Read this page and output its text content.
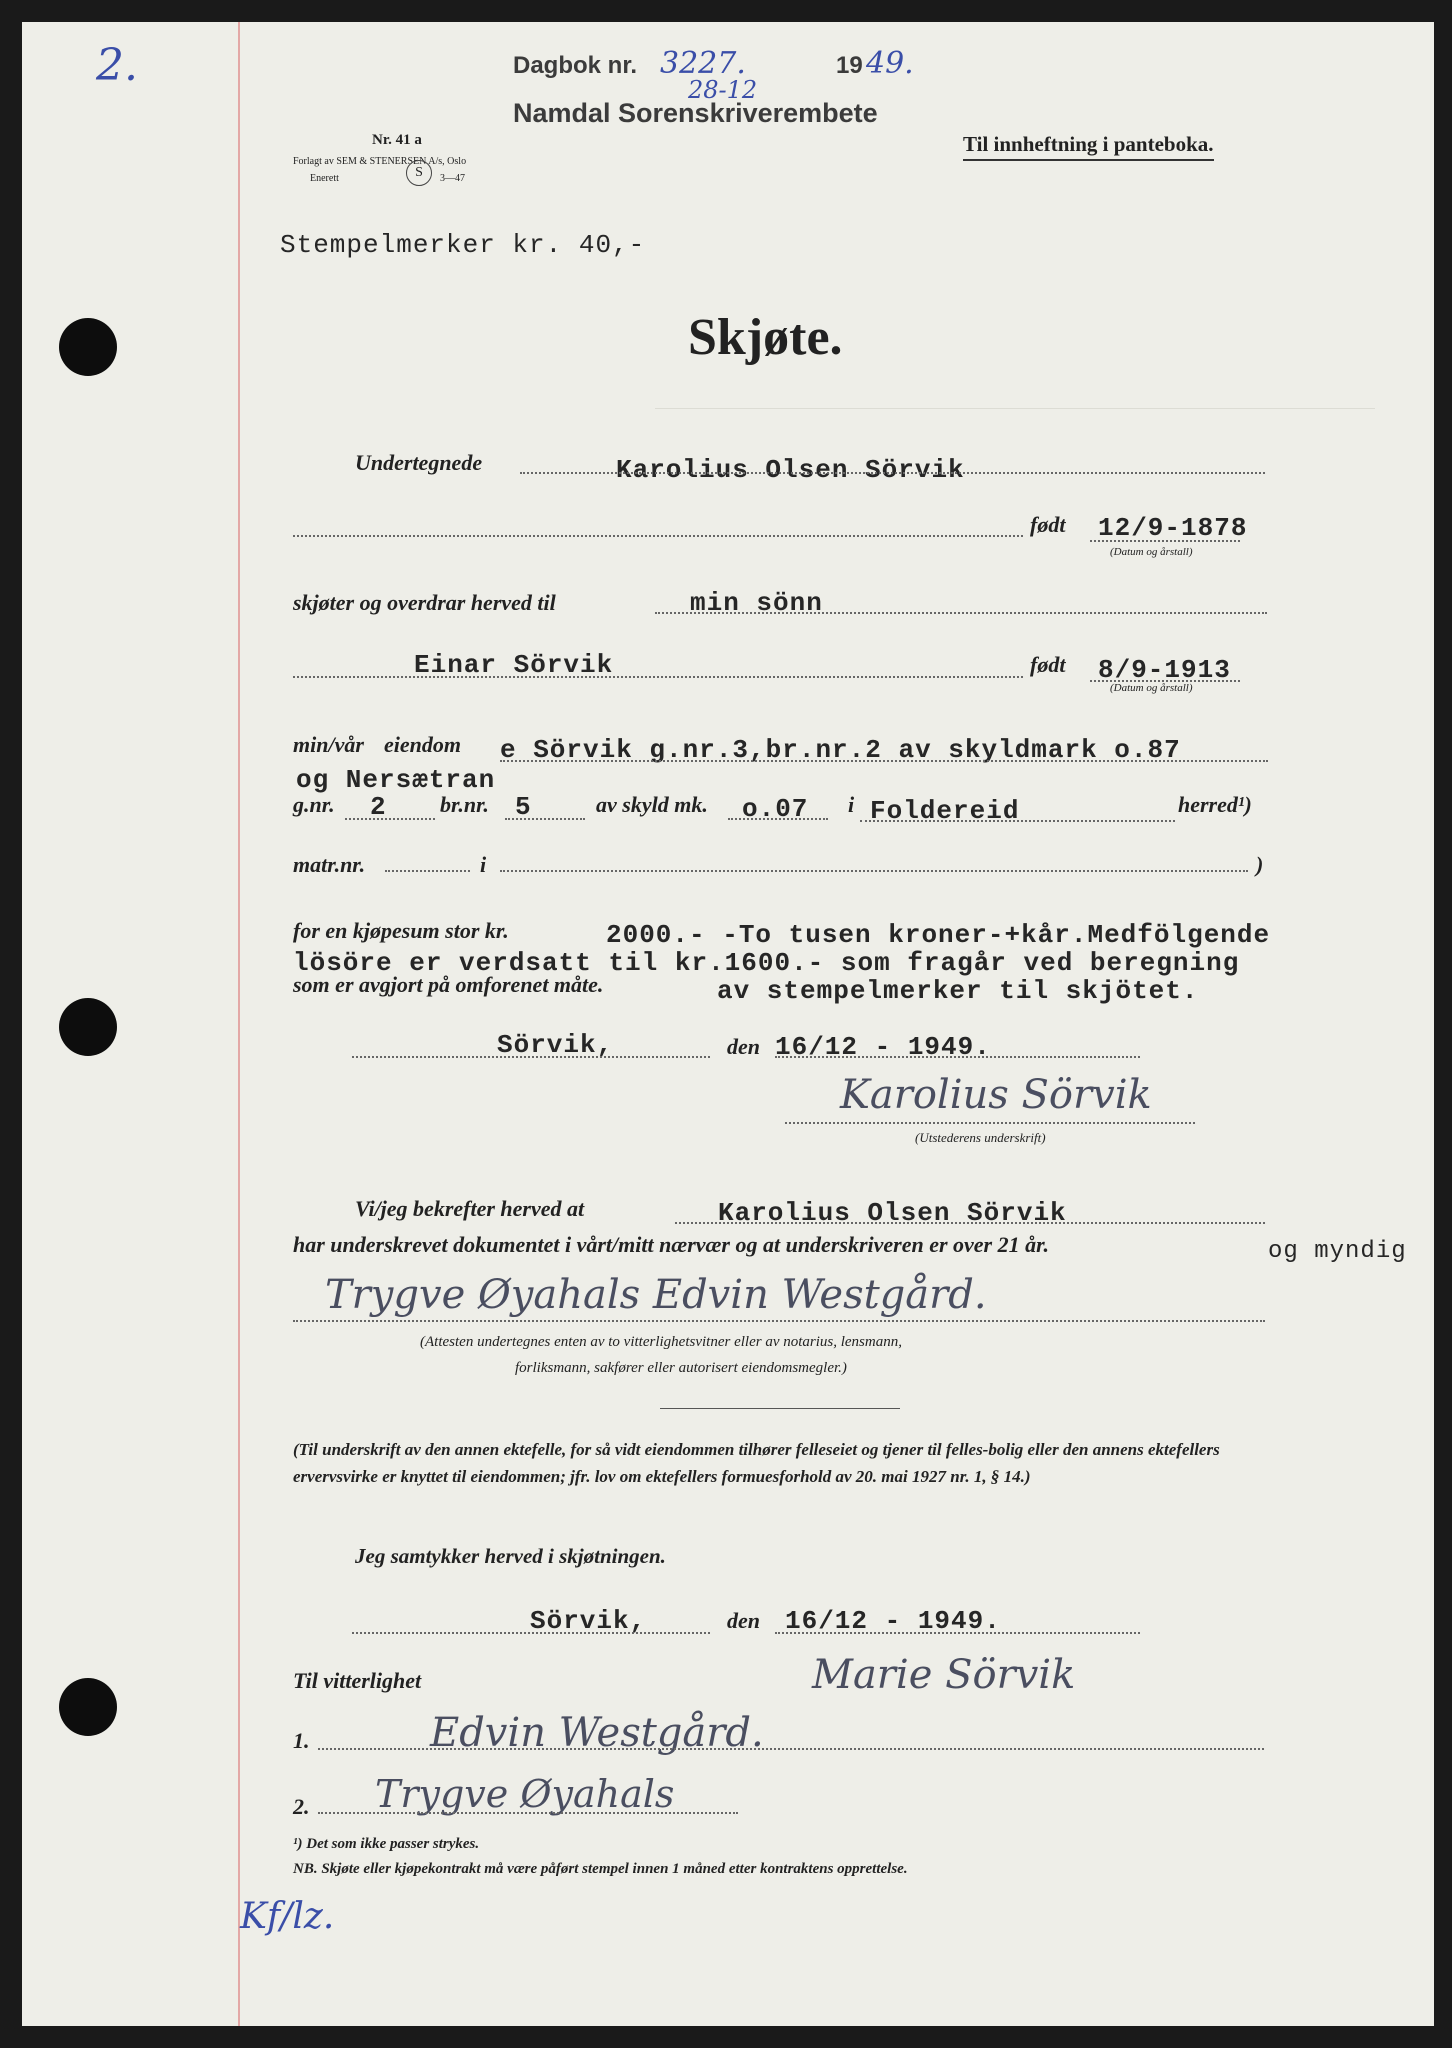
2.	Dagbok nr. 3227.	19 49.
28-12
Namdal Sorenskriverembete
Nr. 41 a
Forlagt av SEM & STENERSEN A/s, Oslo
Enerett	S	3—47
Til innheftning i panteboka.
Stempelmerker kr. 40,-
Skjøte.
Undertegnede	Karolius Olsen Sörvik
født 12/9-1878
(Datum og årstall)
skjøter og overdrar herved til	min sönn
Einar Sörvik	født 8/9-1913
(Datum og årstall)
min/vår eiendom e Sörvik g.nr.3,br.nr.2 av skyldmark o.87
og Nersætran
g.nr. 2 br.nr. 5	av skyld mk. o.07 i Foldereid	herred¹)
matr.nr.	i	)
for en kjøpesum stor kr.	2000.- -To tusen kroner-+kår.Medfölgende
lösöre er verdsatt til kr.1600.- som fragår ved beregning
som er avgjort på omforenet måte.	av stempelmerker til skjötet.
Sörvik,	den 16/12 - 1949.
Karolius Sörvik
(Utstederens underskrift)
Vi/jeg bekrefter herved at	Karolius Olsen Sörvik
har underskrevet dokumentet i vårt/mitt nærvær og at underskriveren er over 21 år.	og myndig
Trygve Øyahals Edvin Westgård.
(Attesten undertegnes enten av to vitterlighetsvitner eller av notarius, lensmann,
forliksmann, sakfører eller autorisert eiendomsmegler.)
(Til underskrift av den annen ektefelle, for så vidt eiendommen tilhører felleseiet og tjener til felles-bolig eller den annens ektefellers ervervsvirke er knyttet til eiendommen; jfr. lov om ektefellers formuesforhold av 20. mai 1927 nr. 1, § 14.)
Jeg samtykker herved i skjøtningen.
Sörvik,	den 16/12 - 1949.
Marie Sörvik
Til vitterlighet
1.	Edvin Westgård.
2. Trygve Øyahals
¹) Det som ikke passer strykes.
NB. Skjøte eller kjøpekontrakt må være påført stempel innen 1 måned etter kontraktens opprettelse.
Kf/lz.
